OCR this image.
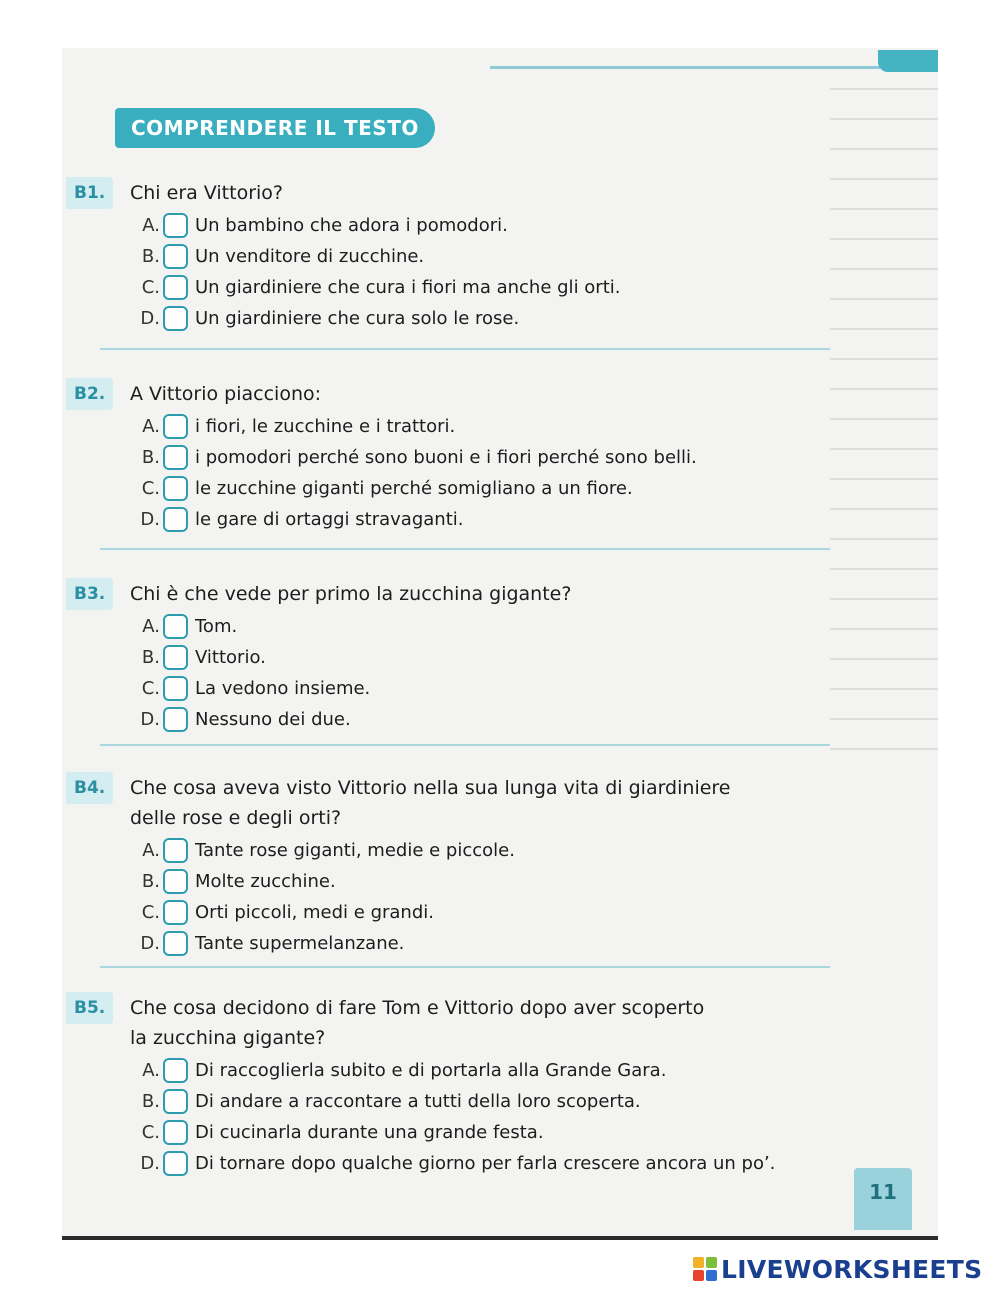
COMPRENDERE IL TESTO
B1.	Chi era Vittorio?
A. Un bambino che adora i pomodori.
B. Un venditore di zucchine.
C. Un giardiniere che cura i fiori ma anche gli orti.
D. Un giardiniere che cura solo le rose.
B2.	A Vittorio piacciono:
A. i fiori, le zucchine e i trattori.
B. i pomodori perché sono buoni e i fiori perché sono belli.
C. le zucchine giganti perché somigliano a un fiore.
D. le gare di ortaggi stravaganti.
B3.	Chi è che vede per primo la zucchina gigante?
A. Tom.
B. Vittorio.
C. La vedono insieme.
D. Nessuno dei due.
B4.	Che cosa aveva visto Vittorio nella sua lunga vita di giardiniere
delle rose e degli orti?
A. Tante rose giganti, medie e piccole.
B. Molte zucchine.
C. Orti piccoli, medi e grandi.
D. Tante supermelanzane.
B5.	Che cosa decidono di fare Tom e Vittorio dopo aver scoperto
la zucchina gigante?
A. Di raccoglierla subito e di portarla alla Grande Gara.
B. Di andare a raccontare a tutti della loro scoperta.
C. Di cucinarla durante una grande festa.
D. Di tornare dopo qualche giorno per farla crescere ancora un po’.
11
LIVEWORKSHEETS
